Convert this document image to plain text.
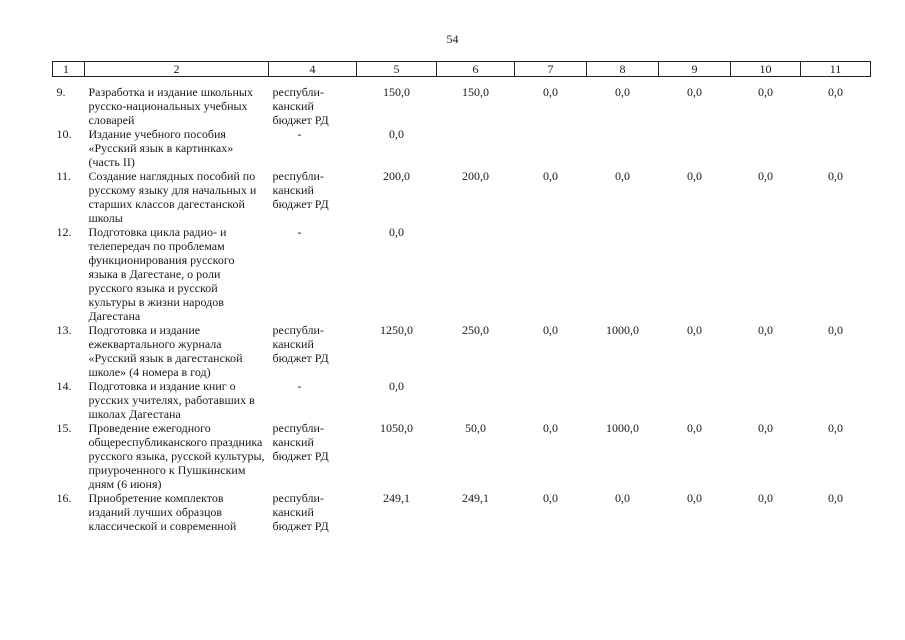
54
1	2	4	5	6	7	8	9	10	11
9.	Разработка и издание школьных русско-национальных учебных словарей	республи-канский бюджет РД	150,0	150,0	0,0	0,0	0,0	0,0	0,0
10.	Издание учебного пособия «Русский язык в картинках» (часть II)	-	0,0						
11.	Создание наглядных пособий по русскому языку для начальных и старших классов дагестанской школы	республи-канский бюджет РД	200,0	200,0	0,0	0,0	0,0	0,0	0,0
12.	Подготовка цикла радио- и телепередач по проблемам функционирования русского языка в Дагестане, о роли русского языка и русской культуры в жизни народов Дагестана	-	0,0						
13.	Подготовка и издание ежеквартального журнала «Русский язык в дагестанской школе» (4 номера в год)	республи-канский бюджет РД	1250,0	250,0	0,0	1000,0	0,0	0,0	0,0
14.	Подготовка и издание книг о русских учителях, работавших в школах Дагестана	-	0,0						
15.	Проведение ежегодного общереспубликанского праздника русского языка, русской культуры, приуроченного к Пушкинским дням (6 июня)	республи-канский бюджет РД	1050,0	50,0	0,0	1000,0	0,0	0,0	0,0
16.	Приобретение комплектов изданий лучших образцов классической и современной	республи-канский бюджет РД	249,1	249,1	0,0	0,0	0,0	0,0	0,0
